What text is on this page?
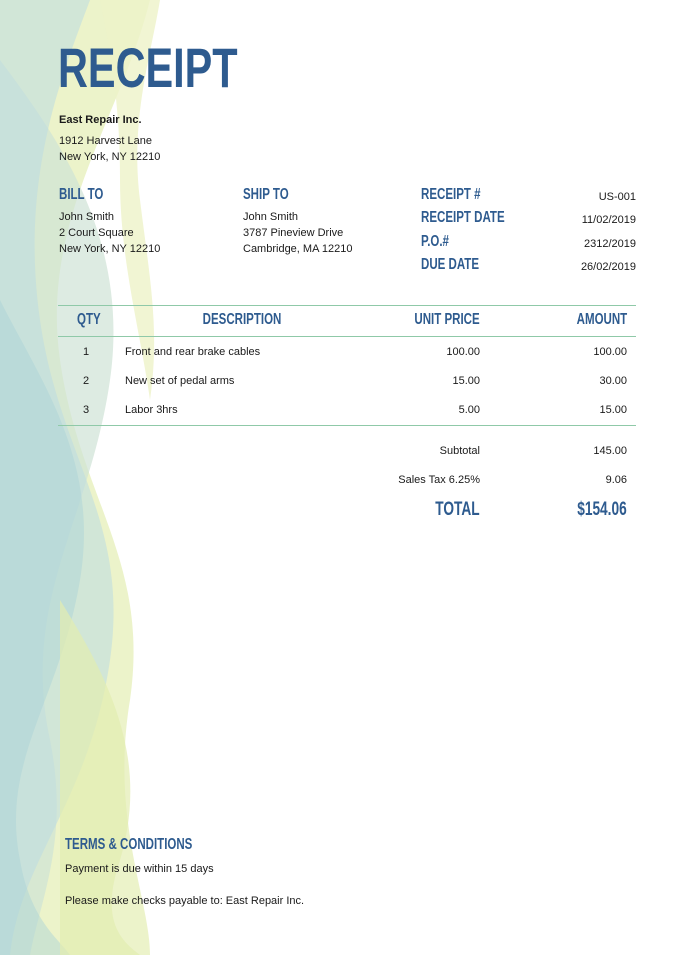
RECEIPT
East Repair Inc.
1912 Harvest Lane
New York, NY 12210
BILL TO
John Smith
2 Court Square
New York, NY 12210
SHIP TO
John Smith
3787 Pineview Drive
Cambridge, MA 12210
RECEIPT #	US-001
RECEIPT DATE	11/02/2019
P.O.#	2312/2019
DUE DATE	26/02/2019
QTY	DESCRIPTION	UNIT PRICE	AMOUNT
1	Front and rear brake cables	100.00	100.00
2	New set of pedal arms	15.00	30.00
3	Labor 3hrs	5.00	15.00
Subtotal	145.00
Sales Tax 6.25%	9.06
TOTAL	$154.06
TERMS & CONDITIONS
Payment is due within 15 days
Please make checks payable to: East Repair Inc.
